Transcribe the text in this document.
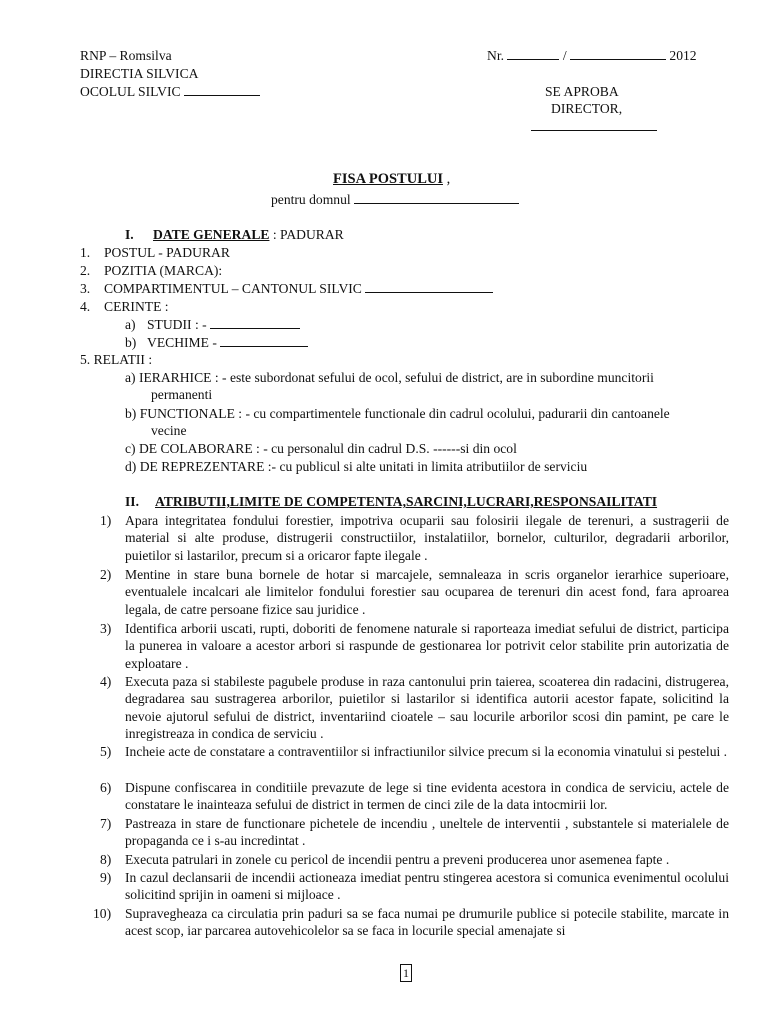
RNP – Romsilva
DIRECTIA SILVICA
OCOLUL SILVIC
Nr.	/	2012
SE APROBA
DIRECTOR,
FISA POSTULUI ,
pentru domnul
I. DATE GENERALE : PADURAR
1. POSTUL - PADURAR
2. POZITIA (MARCA):
3. COMPARTIMENTUL – CANTONUL SILVIC
4. CERINTE :
a) STUDII : -
b) VECHIME -
5. RELATII :
a) IERARHICE : - este subordonat sefului de ocol, sefului de district, are in subordine muncitorii
permanenti
b) FUNCTIONALE : - cu compartimentele functionale din cadrul ocolului, padurarii din cantoanele
vecine
c) DE COLABORARE : - cu personalul din cadrul D.S. ------si din ocol
d) DE REPREZENTARE :- cu publicul si alte unitati in limita atributiilor de serviciu
II. ATRIBUTII,LIMITE DE COMPETENTA,SARCINI,LUCRARI,RESPONSAILITATI
1) Apara integritatea fondului forestier, impotriva ocuparii sau folosirii ilegale de terenuri, a sustragerii de material si alte produse, distrugerii constructiilor, instalatiilor, bornelor, culturilor, degradarii arborilor, puietilor si lastarilor, precum si a oricaror fapte ilegale .
2) Mentine in stare buna bornele de hotar si marcajele, semnaleaza in scris organelor ierarhice superioare, eventualele incalcari ale limitelor fondului forestier sau ocuparea de terenuri din acest fond, fara aproarea legala, de catre persoane fizice sau juridice .
3) Identifica arborii uscati, rupti, doboriti de fenomene naturale si raporteaza imediat sefului de district, participa la punerea in valoare a acestor arbori si raspunde de gestionarea lor potrivit celor stabilite prin autorizatia de exploatare .
4) Executa paza si stabileste pagubele produse in raza cantonului prin taierea, scoaterea din radacini, distrugerea, degradarea sau sustragerea arborilor, puietilor si lastarilor si identifica autorii acestor fapate, solicitind la nevoie ajutorul sefului de district, inventariind cioatele – sau locurile arborilor scosi din pamint, pe care le inregistreaza in condica de serviciu .
5) Incheie acte de constatare a contraventiilor si infractiunilor silvice precum si la economia vinatului si pestelui .
6) Dispune confiscarea in conditiile prevazute de lege si tine evidenta acestora in condica de serviciu, actele de constatare le inainteaza sefului de district in termen de cinci zile de la data intocmirii lor.
7) Pastreaza in stare de functionare pichetele de incendiu , uneltele de interventii , substantele si materialele de propaganda ce i s-au incredintat .
8) Executa patrulari in zonele cu pericol de incendii pentru a preveni producerea unor asemenea fapte .
9) In cazul declansarii de incendii actioneaza imediat pentru stingerea acestora si comunica evenimentul ocolului solicitind sprijin in oameni si mijloace .
10) Supravegheaza ca circulatia prin paduri sa se faca numai pe drumurile publice si potecile stabilite, marcate in acest scop, iar parcarea autovehicolelor sa se faca in locurile special amenajate si
1
